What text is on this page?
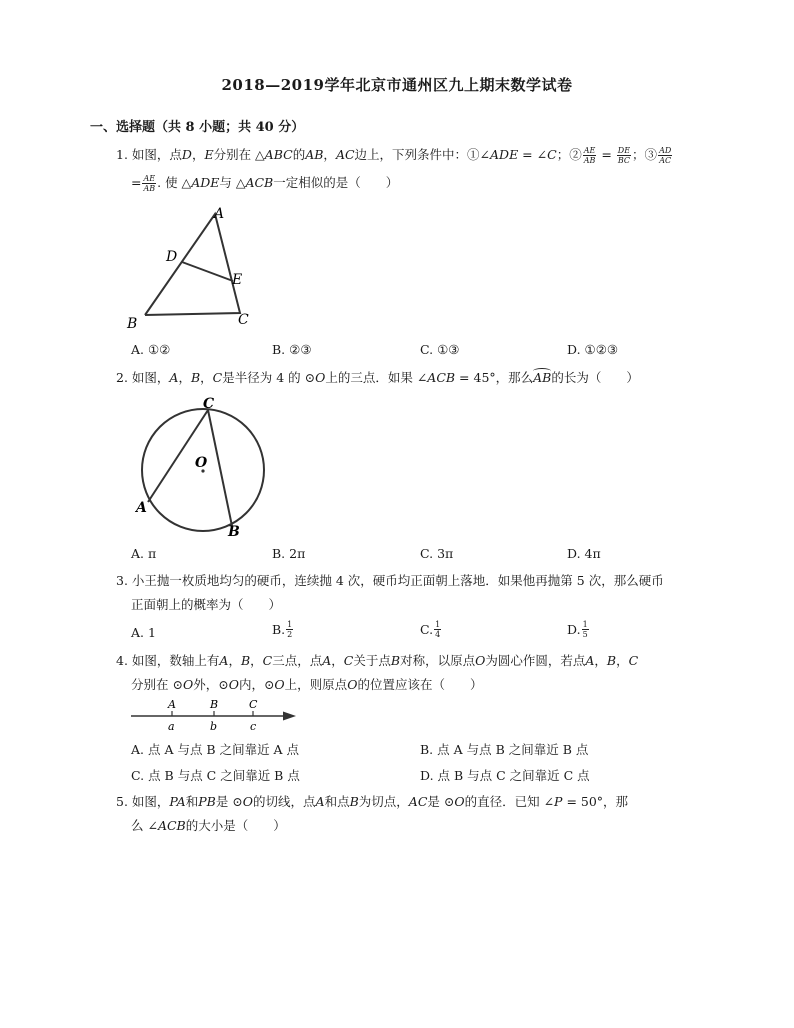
2018—2019学年北京市通州区九上期末数学试卷
一、选择题（共 8 小题；共 40 分）
1. 如图，点D，E分别在 △ABC的AB，AC边上，下列条件中：①∠ADE = ∠C；② $\frac{AE}{AB} = \frac{DE}{BC}$ ；③ $\frac{AD}{AC}$
= $\frac{AE}{AB}$ . 使 △ADE与 △ACB一定相似的是（　　）
A
D
E
B	C
A. ①②	B. ②③	C. ①③	D. ①②③
2. 如图，A，B，C是半径为 4 的 ⊙O上的三点．如果 ∠ACB = 45°，那么
AB的长为（　　）
C
O
A
B
A. π	B. 2π	C. 3π	D. 4π
3. 小王抛一枚质地均匀的硬币，连续抛 4 次，硬币均正面朝上落地．如果他再抛第 5 次，那么硬币
正面朝上的概率为（　　）
A. 1	B. $\frac{1}{2}$	C. $\frac{1}{4}$	D. $\frac{1}{5}$
4. 如图，数轴上有A，B，C三点，点A，C关于点B对称，以原点O为圆心作圆，若点A，B，C
分别在 ⊙O外，⊙O内，⊙O上，则原点O的位置应该在（　　）
A	B	C
a	b	c
A. 点 A 与点 B 之间靠近 A 点	B. 点 A 与点 B 之间靠近 B 点
C. 点 B 与点 C 之间靠近 B 点	D. 点 B 与点 C 之间靠近 C 点
5. 如图，PA和PB是 ⊙O的切线，点A和点B为切点，AC是 ⊙O的直径．已知 ∠P = 50°，那
么 ∠ACB的大小是（　　）
